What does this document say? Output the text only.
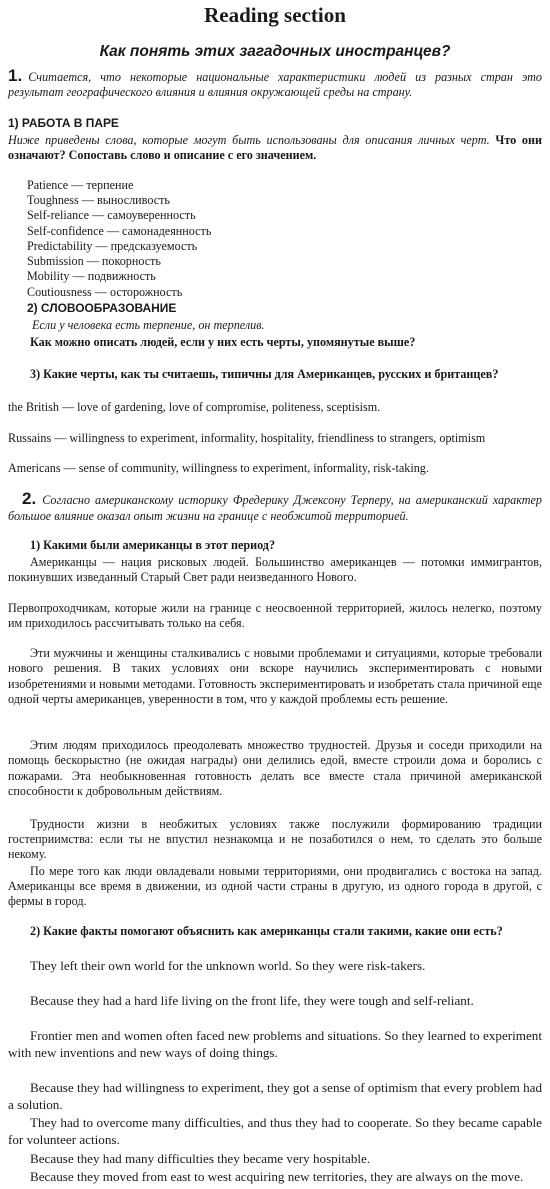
Reading section
Как понять этих загадочных иностранцев?
1. Считается, что некоторые национальные характеристики людей из разных стран это результат географического влияния и влияния окружающей среды на страну.
1) РАБОТА В ПАРЕ
Ниже приведены слова, которые могут быть использованы для описания личных черт. Что они означают? Сопоставь слово и описание с его значением.
Patience — терпение
Toughness — выносливость
Self-reliance — самоуверенность
Self-confidence — самонадеянность
Predictability — предсказуемость
Submission — покорность
Mobility — подвижность
Coutiousness — осторожность
2) СЛОВООБРАЗОВАНИЕ
Если у человека есть терпение, он терпелив.
Как можно описать людей, если у них есть черты, упомянутые выше?
3) Какие черты, как ты считаешь, типичны для Американцев, русских и британцев?
the British — love of gardening, love of compromise, politeness, sceptisism.
Russains — willingness to experiment, informality, hospitality, friendliness to strangers, optimism
Americans — sense of community, willingness to experiment, informality, risk-taking.
2. Согласно американскому историку Фредерику Джексону Терперу, на американский характер большое влияние оказал опыт жизни на границе с необжитой территорией.
1) Какими были американцы в этот период?
Американцы — нация рисковых людей. Большинство американцев — потомки иммигрантов, покинувших изведанный Старый Свет ради неизведанного Нового.
Первопроходчикам, которые жили на границе с неосвоенной территорией, жилось нелегко, поэтому им приходилось рассчитывать только на себя.
Эти мужчины и женщины сталкивались с новыми проблемами и ситуациями, которые требовали нового решения. В таких условиях они вскоре научились экспериментировать с новыми изобретениями и новыми методами. Готовность экспериментировать и изобретать стала причиной еще одной черты американцев, уверенности в том, что у каждой проблемы есть решение.
Этим людям приходилось преодолевать множество трудностей. Друзья и соседи приходили на помощь бескорыстно (не ожидая награды) они делились едой, вместе строили дома и боролись с пожарами. Эта необыкновенная готовность делать все вместе стала причиной американской способности к добровольным действиям.
Трудности жизни в необжитых условиях также послужили формированию традиции гостеприимства: если ты не впустил незнакомца и не позаботился о нем, то сделать это больше некому.
По мере того как люди овладевали новыми территориями, они продвигались с востока на запад. Американцы все время в движении, из одной части страны в другую, из одного города в другой, с фермы в город.
2) Какие факты помогают объяснить как американцы стали такими, какие они есть?
They left their own world for the unknown world. So they were risk-takers.
Because they had a hard life living on the front life, they were tough and self-reliant.
Frontier men and women often faced new problems and situations. So they learned to experiment with new inventions and new ways of doing things.
Because they had willingness to experiment, they got a sense of optimism that every problem had a solution.
They had to overcome many difficulties, and thus they had to cooperate. So they became capable for volunteer actions.
Because they had many difficulties they became very hospitable.
Because they moved from east to west acquiring new territories, they are always on the move.
